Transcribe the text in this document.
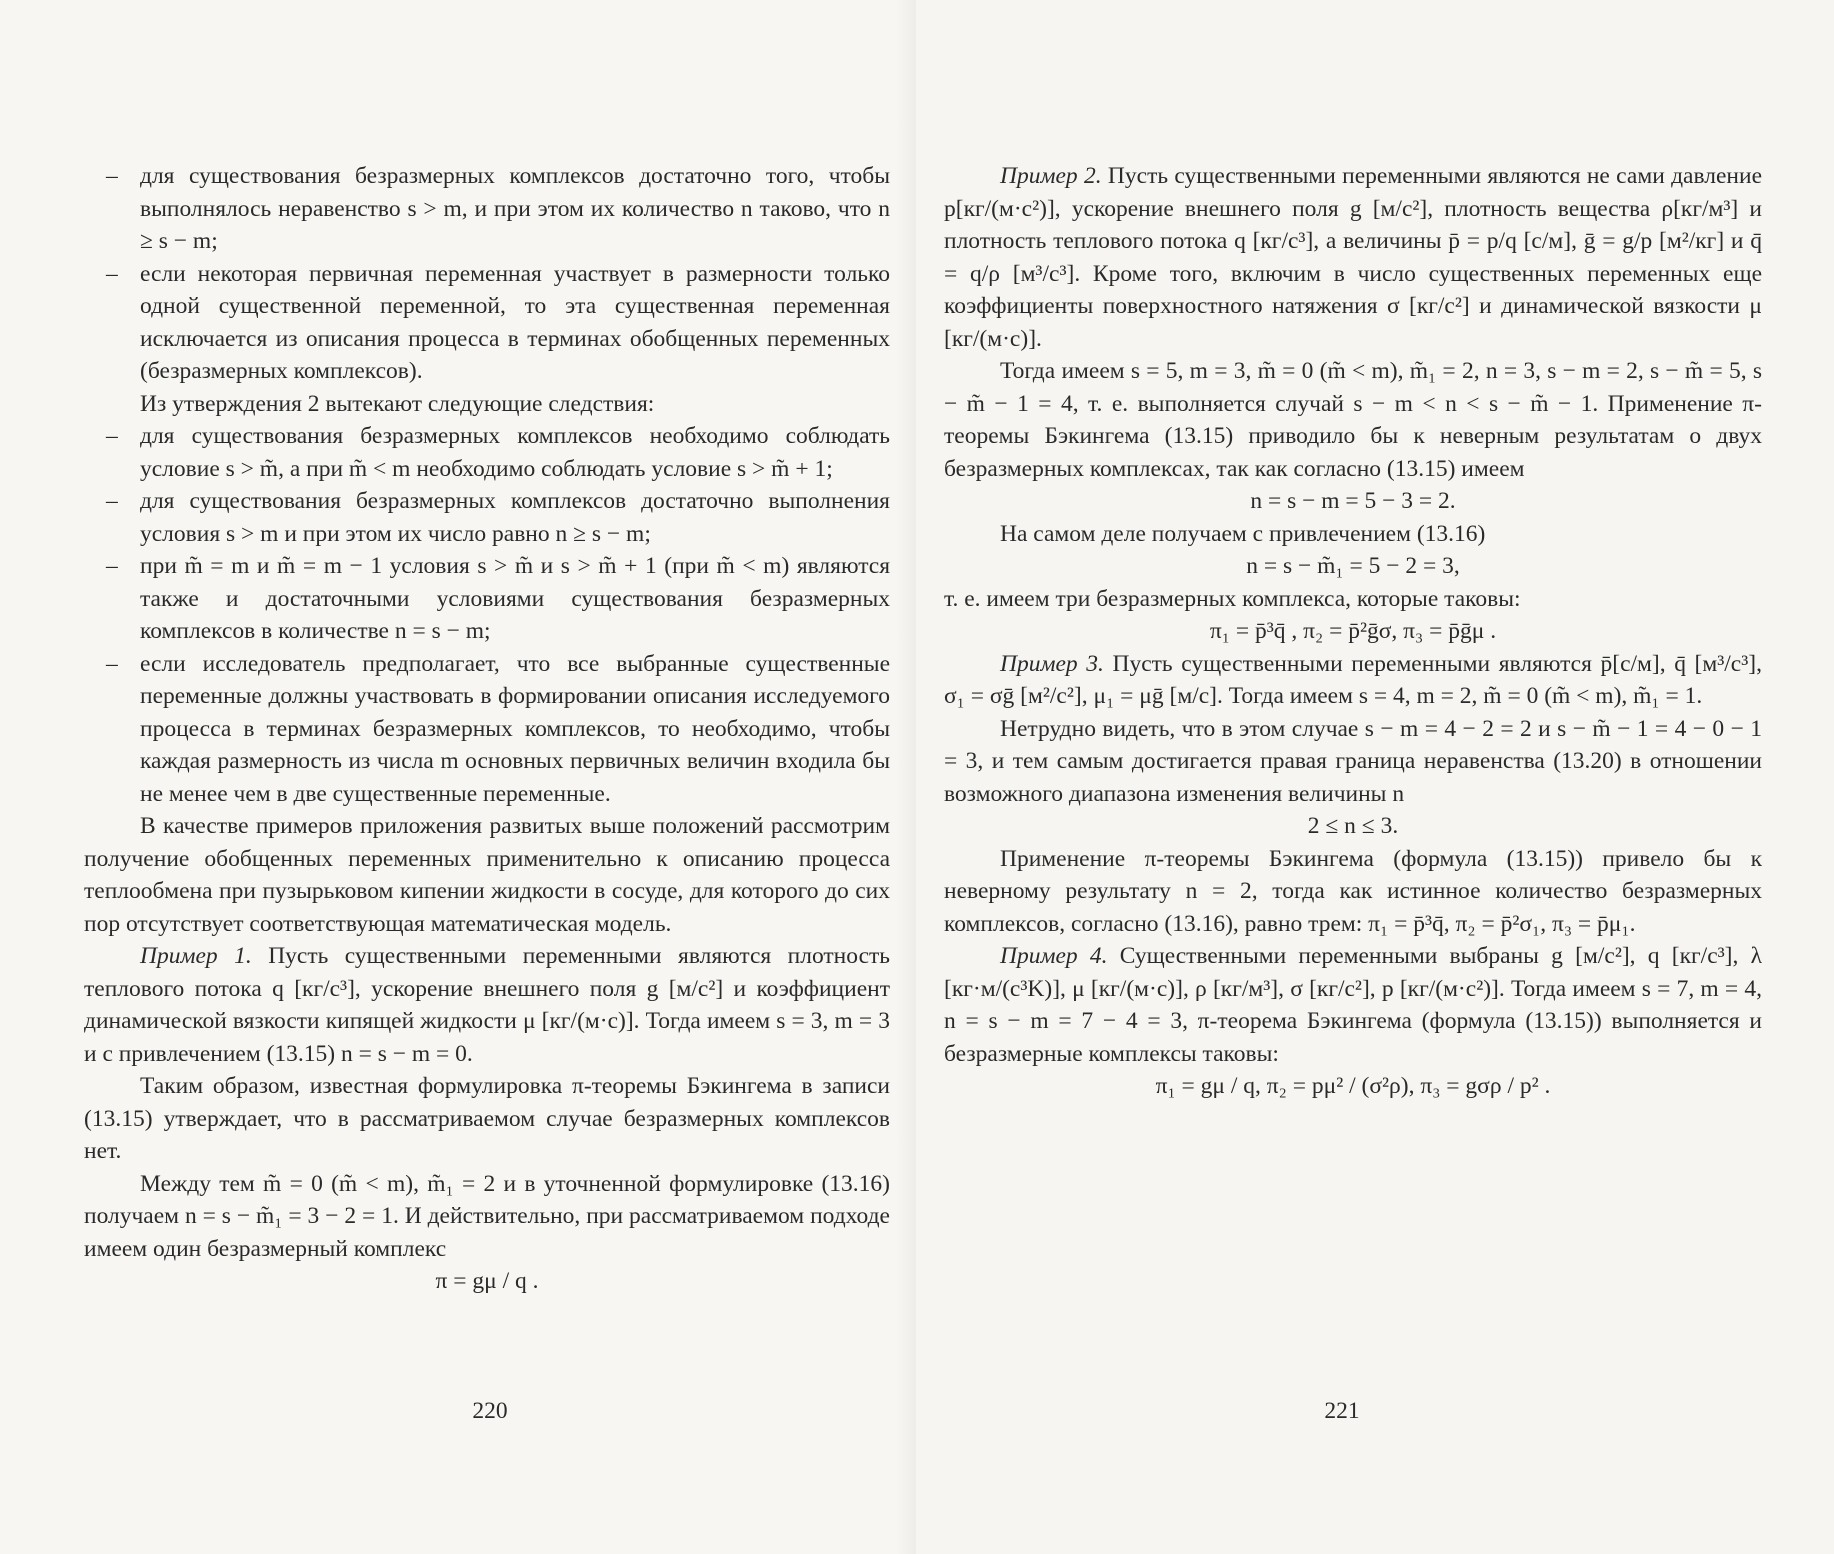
– для существования безразмерных комплексов достаточно того, чтобы выполнялось неравенство s > m, и при этом их количество n таково, что n ≥ s − m;

– если некоторая первичная переменная участвует в размерности только одной существенной переменной, то эта существенная переменная исключается из описания процесса в терминах обобщенных переменных (безразмерных комплексов).

Из утверждения 2 вытекают следующие следствия:

– для существования безразмерных комплексов необходимо соблюдать условие s > m̃, а при m̃ < m необходимо соблюдать условие s > m̃ + 1;

– для существования безразмерных комплексов достаточно выполнения условия s > m и при этом их число равно n ≥ s − m;

– при m̃ = m и m̃ = m − 1 условия s > m̃ и s > m̃ + 1 (при m̃ < m) являются также и достаточными условиями существования безразмерных комплексов в количестве n = s − m;

– если исследователь предполагает, что все выбранные существенные переменные должны участвовать в формировании описания исследуемого процесса в терминах безразмерных комплексов, то необходимо, чтобы каждая размерность из числа m основных первичных величин входила бы не менее чем в две существенные переменные.

В качестве примеров приложения развитых выше положений рассмотрим получение обобщенных переменных применительно к описанию процесса теплообмена при пузырьковом кипении жидкости в сосуде, для которого до сих пор отсутствует соответствующая математическая модель.

Пример 1. Пусть существенными переменными являются плотность теплового потока q [кг/с³], ускорение внешнего поля g [м/с²] и коэффициент динамической вязкости кипящей жидкости μ [кг/(м·с)]. Тогда имеем s = 3, m = 3 и с привлечением (13.15) n = s − m = 0.

Таким образом, известная формулировка π-теоремы Бэкингема в записи (13.15) утверждает, что в рассматриваемом случае безразмерных комплексов нет.

Между тем m̃ = 0 (m̃ < m), m̃₁ = 2 и в уточненной формулировке (13.16) получаем n = s − m̃₁ = 3 − 2 = 1. И действительно, при рассматриваемом подходе имеем один безразмерный комплекс

π = gμ / q .

220

Пример 2. Пусть существенными переменными являются не сами давление p[кг/(м·с²)], ускорение внешнего поля g [м/с²], плотность вещества ρ[кг/м³] и плотность теплового потока q [кг/с³], а величины p̄ = p/q [с/м], ḡ = g/p [м²/кг] и q̄ = q/ρ [м³/с³]. Кроме того, включим в число существенных переменных еще коэффициенты поверхностного натяжения σ [кг/с²] и динамической вязкости μ [кг/(м·с)].

Тогда имеем s = 5, m = 3, m̃ = 0 (m̃ < m), m̃₁ = 2, n = 3, s − m = 2, s − m̃ = 5, s − m̃ − 1 = 4, т. е. выполняется случай s − m < n < s − m̃ − 1. Применение π-теоремы Бэкингема (13.15) приводило бы к неверным результатам о двух безразмерных комплексах, так как согласно (13.15) имеем

n = s − m = 5 − 3 = 2.

На самом деле получаем с привлечением (13.16)

n = s − m̃₁ = 5 − 2 = 3,

т. е. имеем три безразмерных комплекса, которые таковы:

π₁ = p̄³q̄ , π₂ = p̄²ḡσ, π₃ = p̄ḡμ .

Пример 3. Пусть существенными переменными являются p̄[с/м], q̄ [м³/с³], σ₁ = σḡ [м²/с²], μ₁ = μḡ [м/с]. Тогда имеем s = 4, m = 2, m̃ = 0 (m̃ < m), m̃₁ = 1.

Нетрудно видеть, что в этом случае s − m = 4 − 2 = 2 и s − m̃ − 1 = 4 − 0 − 1 = 3, и тем самым достигается правая граница неравенства (13.20) в отношении возможного диапазона изменения величины n

2 ≤ n ≤ 3.

Применение π-теоремы Бэкингема (формула (13.15)) привело бы к неверному результату n = 2, тогда как истинное количество безразмерных комплексов, согласно (13.16), равно трем: π₁ = p̄³q̄, π₂ = p̄²σ₁, π₃ = p̄μ₁.

Пример 4. Существенными переменными выбраны g [м/с²], q [кг/с³], λ [кг·м/(с³K)], μ [кг/(м·с)], ρ [кг/м³], σ [кг/с²], p [кг/(м·с²)]. Тогда имеем s = 7, m = 4, n = s − m = 7 − 4 = 3, π-теорема Бэкингема (формула (13.15)) выполняется и безразмерные комплексы таковы:

π₁ = gμ / q, π₂ = pμ² / (σ²ρ), π₃ = gσρ / p² .

221
